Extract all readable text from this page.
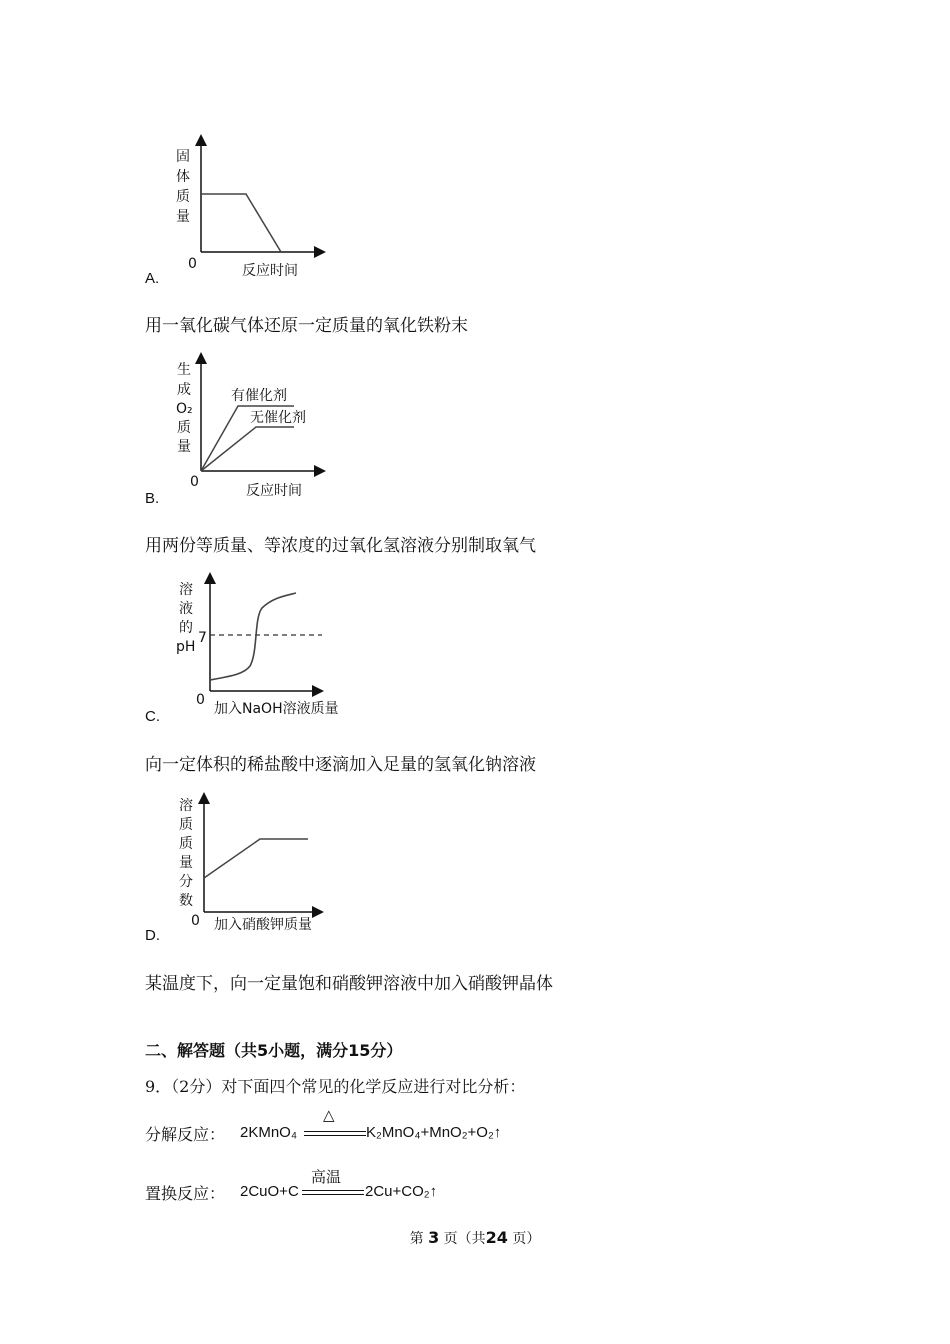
固
体
质
量
0	反应时间
A.
用一氧化碳气体还原一定质量的氧化铁粉末
生
成
O₂
质
量
有催化剂
无催化剂
0
反应时间
B.
用两份等质量、等浓度的过氧化氢溶液分别制取氧气
溶
液
的
pH
7
0
加入NaOH溶液质量
C.
向一定体积的稀盐酸中逐滴加入足量的氢氧化钠溶液
溶
质
质
量
分
数
0 加入硝酸钾质量
D.
某温度下，向一定量饱和硝酸钾溶液中加入硝酸钾晶体
二、解答题（共5小题，满分15分）
9．（2分）对下面四个常见的化学反应进行对比分析：
分解反应： 2KMnO₄
△
K₂MnO₄+MnO₂+O₂↑
置换反应： 2CuO+C
高温
2Cu+CO₂↑
第 3 页（共24 页）
